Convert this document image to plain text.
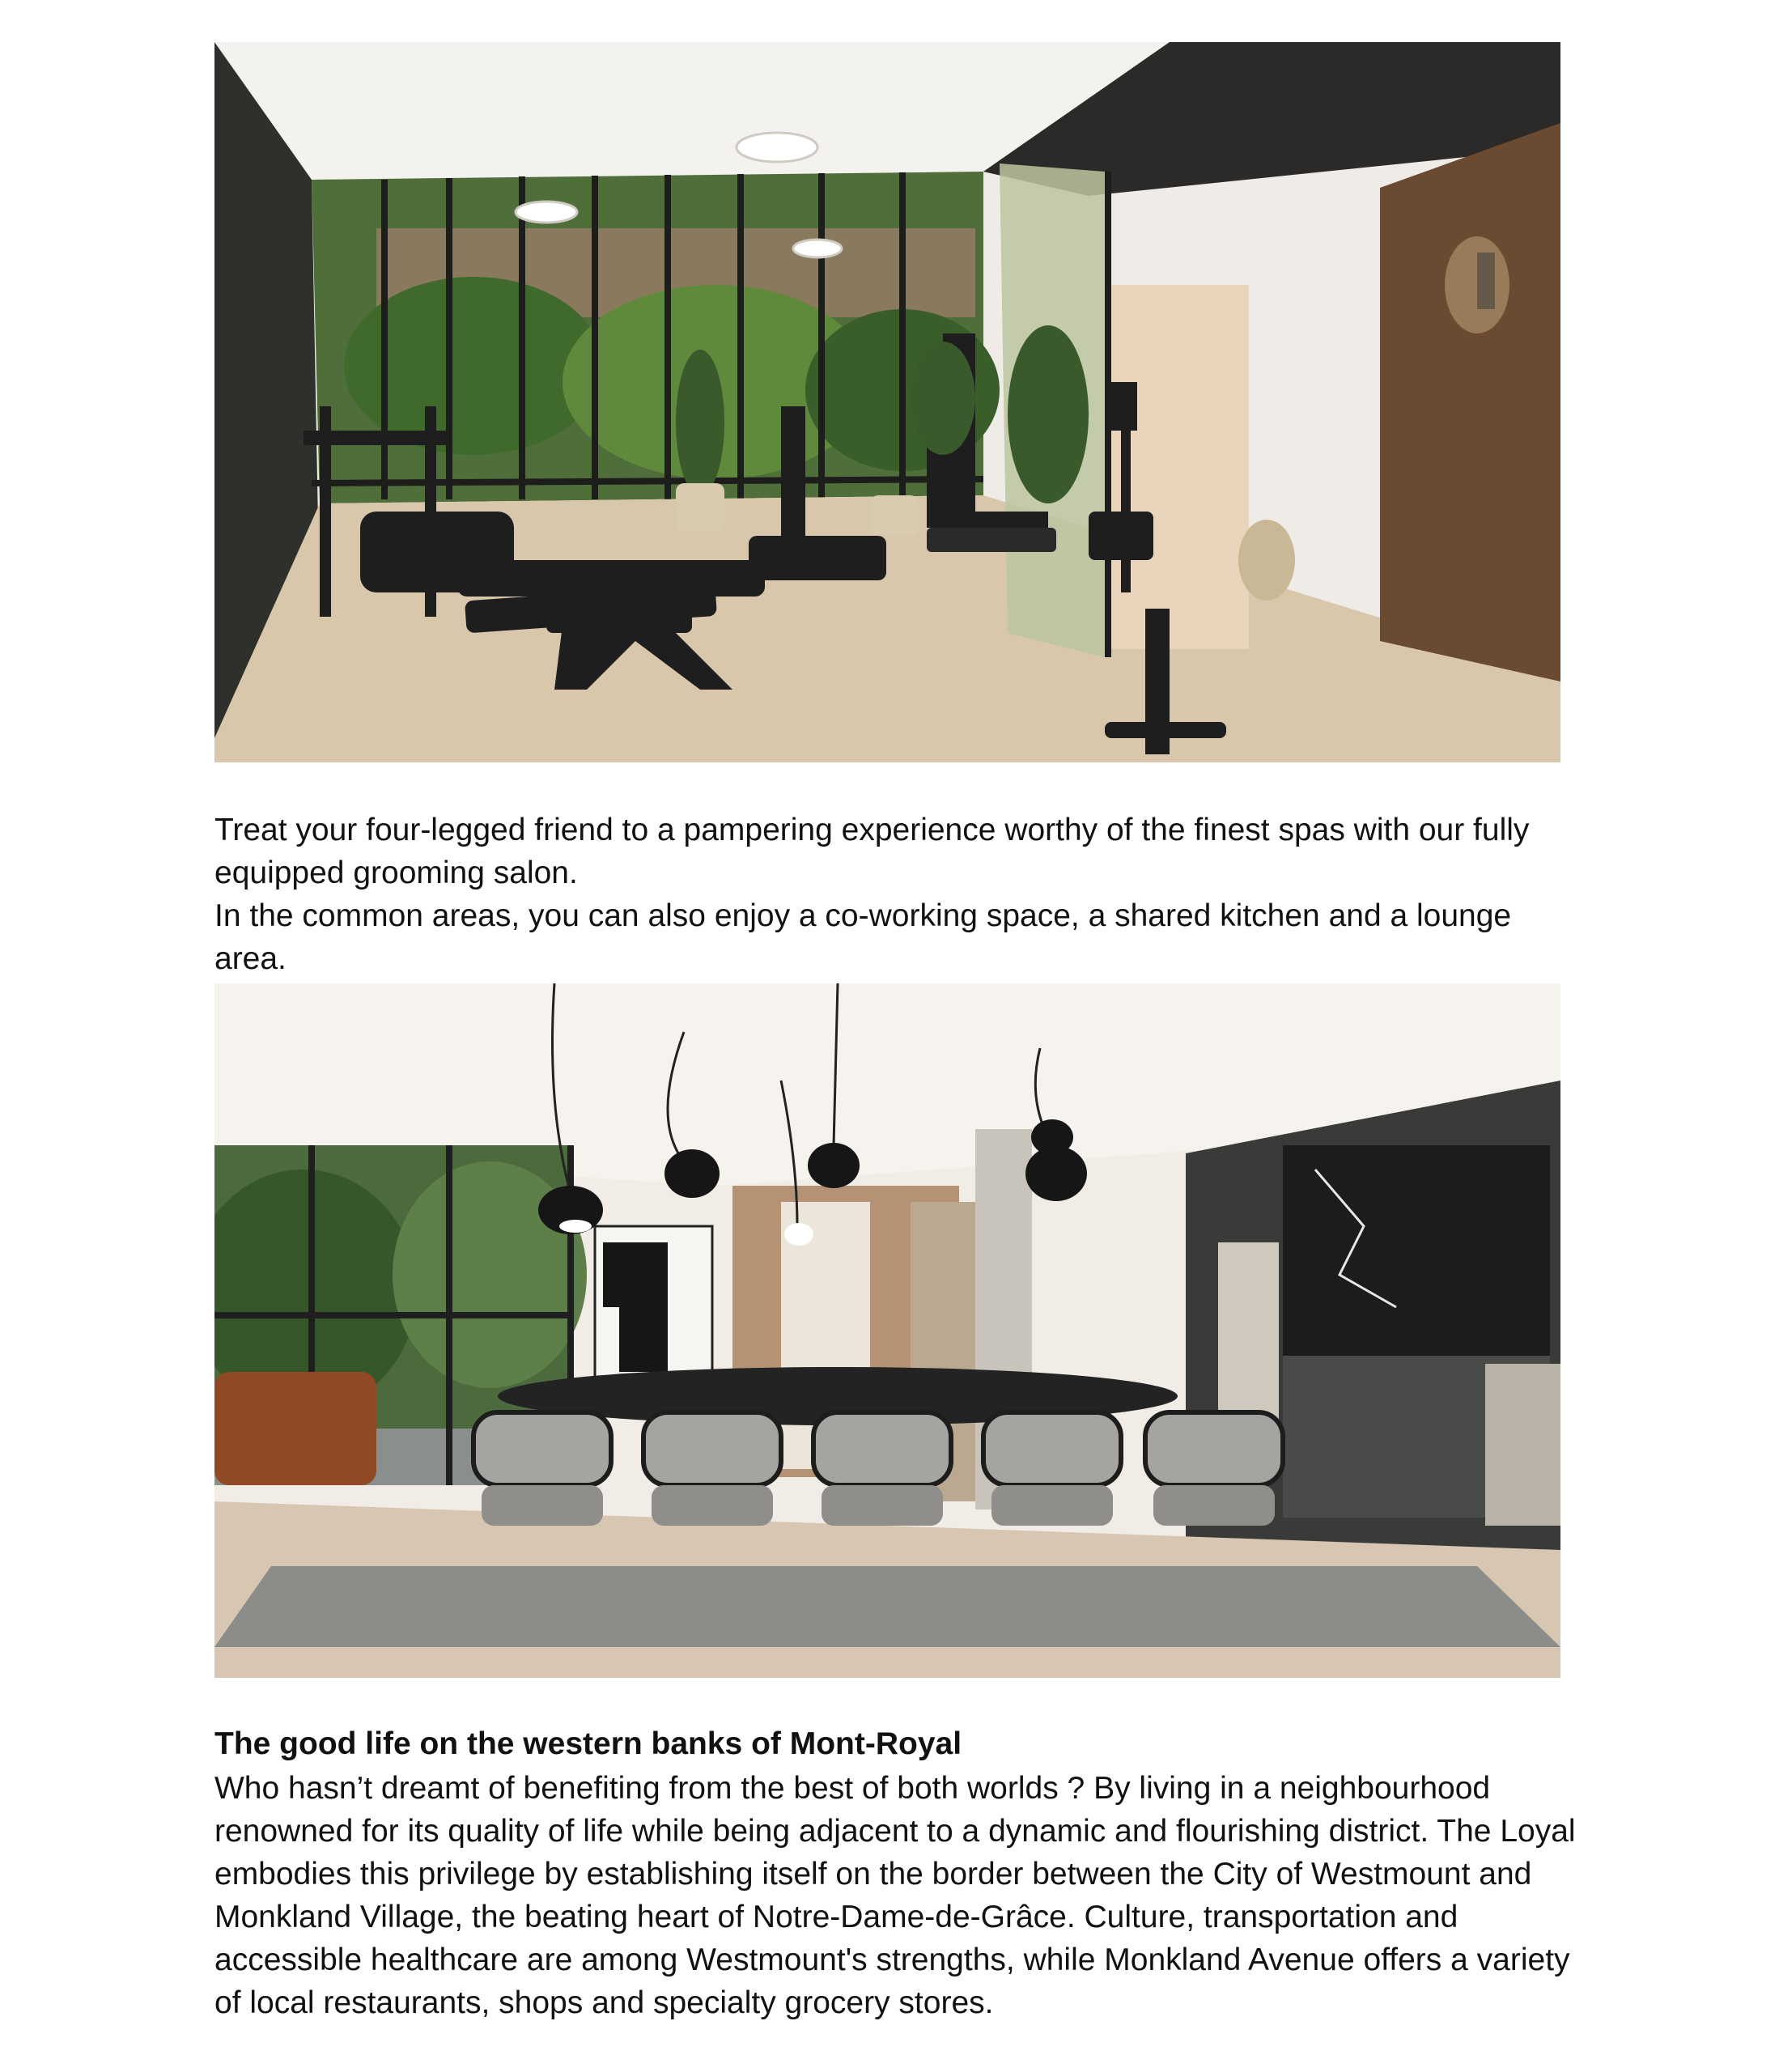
Treat your four-legged friend to a pampering experience worthy of the finest spas with our fully equipped grooming salon.

In the common areas, you can also enjoy a co-working space, a shared kitchen and a lounge area.

The good life on the western banks of Mont-Royal

Who hasn’t dreamt of benefiting from the best of both worlds ? By living in a neighbourhood renowned for its quality of life while being adjacent to a dynamic and flourishing district. The Loyal embodies this privilege by establishing itself on the border between the City of Westmount and Monkland Village, the beating heart of Notre-Dame-de-Grâce. Culture, transportation and accessible healthcare are among Westmount's strengths, while Monkland Avenue offers a variety of local restaurants, shops and specialty grocery stores.
